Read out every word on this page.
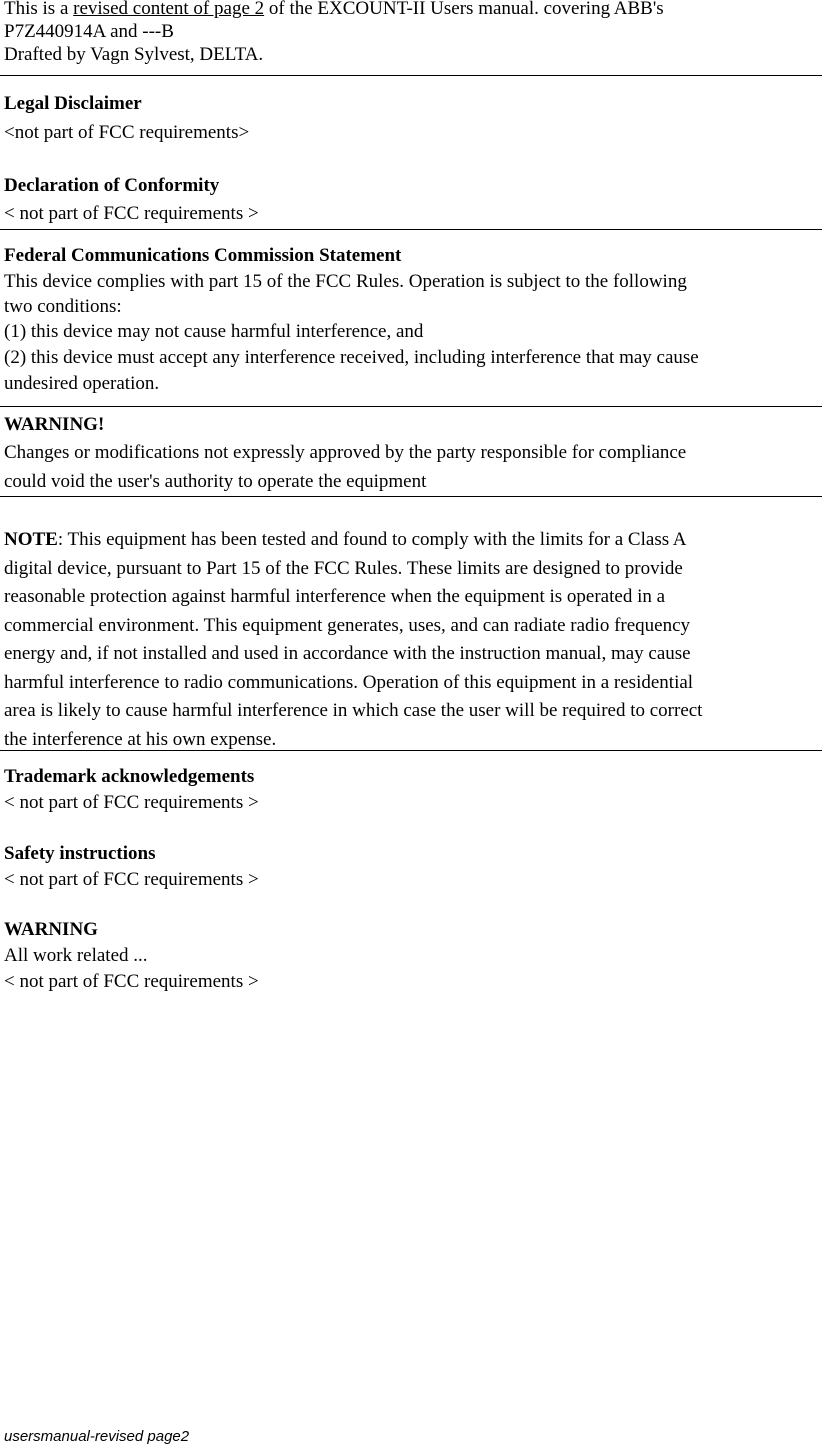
This is a revised content of page 2 of the EXCOUNT-II Users manual. covering ABB's

P7Z440914A and ---B

Drafted by Vagn Sylvest, DELTA.

Legal Disclaimer

<not part of FCC requirements>

Declaration of Conformity

< not part of FCC requirements >

Federal Communications Commission Statement

This device complies with part 15 of the FCC Rules. Operation is subject to the following

two conditions:

(1) this device may not cause harmful interference, and

(2) this device must accept any interference received, including interference that may cause

undesired operation.

WARNING!

Changes or modifications not expressly approved by the party responsible for compliance

could void the user's authority to operate the equipment

NOTE: This equipment has been tested and found to comply with the limits for a Class A

digital device, pursuant to Part 15 of the FCC Rules. These limits are designed to provide

reasonable protection against harmful interference when the equipment is operated in a

commercial environment. This equipment generates, uses, and can radiate radio frequency

energy and, if not installed and used in accordance with the instruction manual, may cause

harmful interference to radio communications. Operation of this equipment in a residential

area is likely to cause harmful interference in which case the user will be required to correct

the interference at his own expense.

Trademark acknowledgements

< not part of FCC requirements >

Safety instructions

< not part of FCC requirements >

WARNING

All work related ...

< not part of FCC requirements >

usersmanual-revised page2
